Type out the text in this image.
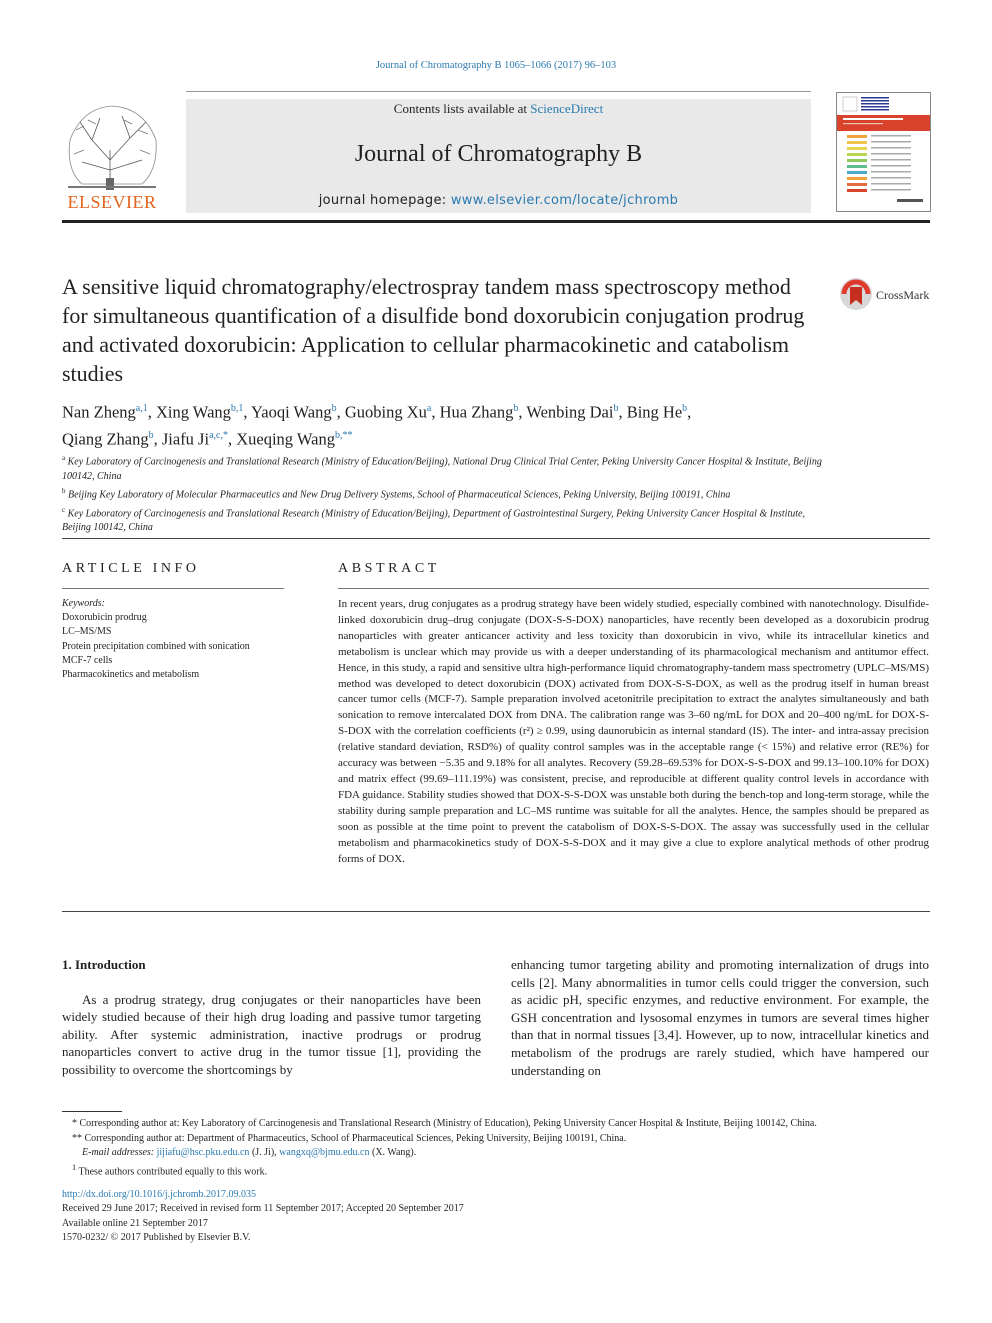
Journal of Chromatography B 1065–1066 (2017) 96–103
ELSEVIER
Contents lists available at ScienceDirect
Journal of Chromatography B
journal homepage: www.elsevier.com/locate/jchromb
A sensitive liquid chromatography/electrospray tandem mass spectroscopy method for simultaneous quantification of a disulfide bond doxorubicin conjugation prodrug and activated doxorubicin: Application to cellular pharmacokinetic and catabolism studies
CrossMark
Nan Zheng$^{a,1}$, Xing Wang$^{b,1}$, Yaoqi Wang$^b$, Guobing Xu$^a$, Hua Zhang$^b$, Wenbing Dai$^b$, Bing He$^b$,
Qiang Zhang$^b$, Jiafu $Ji^{a,c,*}$, Xueqing Wang$^{b,**}$

$^a$ Key Laboratory of Carcinogenesis and Translational Research (Ministry of Education/Beijing), National Drug Clinical Trial Center, Peking University Cancer Hospital & Institute, Beijing 100142, China

$^b$ Beijing Key Laboratory of Molecular Pharmaceutics and New Drug Delivery Systems, School of Pharmaceutical Sciences, Peking University, Beijing 100191, China

$^c$ Key Laboratory of Carcinogenesis and Translational Research (Ministry of Education/Beijing), Department of Gastrointestinal Surgery, Peking University Cancer Hospital & Institute, Beijing 100142, China

ARTICLE INFO	ABSTRACT
Keywords:
Doxorubicin prodrug
LC–MS/MS
Protein precipitation combined with sonication
MCF-7 cells
Pharmacokinetics and metabolism
In recent years, drug conjugates as a prodrug strategy have been widely studied, especially combined with nanotechnology. Disulfide-linked doxorubicin drug–drug conjugate (DOX-S-S-DOX) nanoparticles, have recently been developed as a doxorubicin prodrug nanoparticles with greater anticancer activity and less toxicity than doxorubicin in vivo, while its intracellular kinetics and metabolism is unclear which may provide us with a deeper understanding of its pharmacological mechanism and antitumor effect. Hence, in this study, a rapid and sensitive ultra high-performance liquid chromatography-tandem mass spectrometry (UPLC–MS/MS) method was developed to detect doxorubicin (DOX) activated from DOX-S-S-DOX, as well as the prodrug itself in human breast cancer tumor cells (MCF-7). Sample preparation involved acetonitrile precipitation to extract the analytes simultaneously and bath sonication to remove intercalated DOX from DNA. The calibration range was 3–60 ng/mL for DOX and 20–400 ng/mL for DOX-S-S-DOX with the correlation coefficients (r²) ≥ 0.99, using daunorubicin as internal standard (IS). The inter- and intra-assay precision (relative standard deviation, RSD%) of quality control samples was in the acceptable range (< 15%) and relative error (RE%) for accuracy was between −5.35 and 9.18% for all analytes. Recovery (59.28–69.53% for DOX-S-S-DOX and 99.13–100.10% for DOX) and matrix effect (99.69–111.19%) was consistent, precise, and reproducible at different quality control levels in accordance with FDA guidance. Stability studies showed that DOX-S-S-DOX was unstable both during the bench-top and long-term storage, while the stability during sample preparation and LC–MS runtime was suitable for all the analytes. Hence, the samples should be prepared as soon as possible at the time point to prevent the catabolism of DOX-S-S-DOX. The assay was successfully used in the cellular metabolism and pharmacokinetics study of DOX-S-S-DOX and it may give a clue to explore analytical methods of other prodrug forms of DOX.
1. Introduction

As a prodrug strategy, drug conjugates or their nanoparticles have been widely studied because of their high drug loading and passive tumor targeting ability. After systemic administration, inactive prodrugs or prodrug nanoparticles convert to active drug in the tumor tissue [1], providing the possibility to overcome the shortcomings by

enhancing tumor targeting ability and promoting internalization of drugs into cells [2]. Many abnormalities in tumor cells could trigger the conversion, such as acidic pH, specific enzymes, and reductive environment. For example, the GSH concentration and lysosomal enzymes in tumors are several times higher than that in normal tissues [3,4]. However, up to now, intracellular kinetics and metabolism of the prodrugs are rarely studied, which have hampered our understanding on

* Corresponding author at: Key Laboratory of Carcinogenesis and Translational Research (Ministry of Education), Peking University Cancer Hospital & Institute, Beijing 100142, China.

** Corresponding author at: Department of Pharmaceutics, School of Pharmaceutical Sciences, Peking University, Beijing 100191, China.

E-mail addresses: jijiafu@hsc.pku.edu.cn (J. Ji), wangxq@bjmu.edu.cn (X. Wang).

$^1$ These authors contributed equally to this work.

http://dx.doi.org/10.1016/j.jchromb.2017.09.035

Received 29 June 2017; Received in revised form 11 September 2017; Accepted 20 September 2017

Available online 21 September 2017

1570-0232/ © 2017 Published by Elsevier B.V.
